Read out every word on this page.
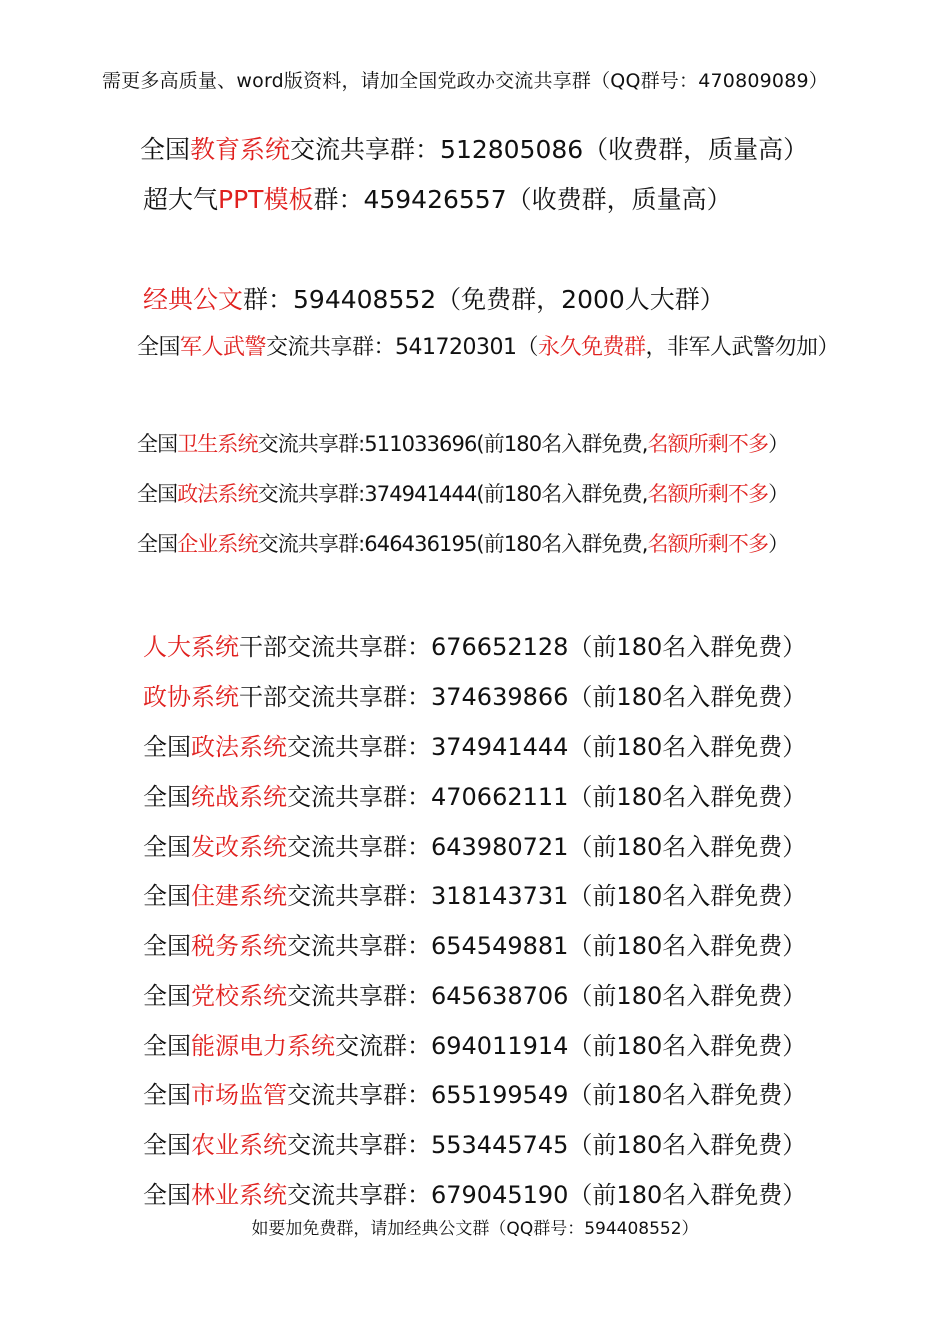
需更多高质量、word版资料，请加全国党政办交流共享群（QQ群号：470809089）
全国教育系统交流共享群：512805086（收费群，质量高）
超大气PPT模板群：459426557（收费群，质量高）
经典公文群：594408552（免费群，2000人大群）
全国军人武警交流共享群：541720301（永久免费群，非军人武警勿加）
全国卫生系统交流共享群:511033696(前180名入群免费,名额所剩不多）
全国政法系统交流共享群:374941444(前180名入群免费,名额所剩不多）
全国企业系统交流共享群:646436195(前180名入群免费,名额所剩不多）
人大系统干部交流共享群：676652128（前180名入群免费）
政协系统干部交流共享群：374639866（前180名入群免费）
全国政法系统交流共享群：374941444（前180名入群免费）
全国统战系统交流共享群：470662111（前180名入群免费）
全国发改系统交流共享群：643980721（前180名入群免费）
全国住建系统交流共享群：318143731（前180名入群免费）
全国税务系统交流共享群：654549881（前180名入群免费）
全国党校系统交流共享群：645638706（前180名入群免费）
全国能源电力系统交流群：694011914（前180名入群免费）
全国市场监管交流共享群：655199549（前180名入群免费）
全国农业系统交流共享群：553445745（前180名入群免费）
全国林业系统交流共享群：679045190（前180名入群免费）
如要加免费群，请加经典公文群（QQ群号：594408552）
